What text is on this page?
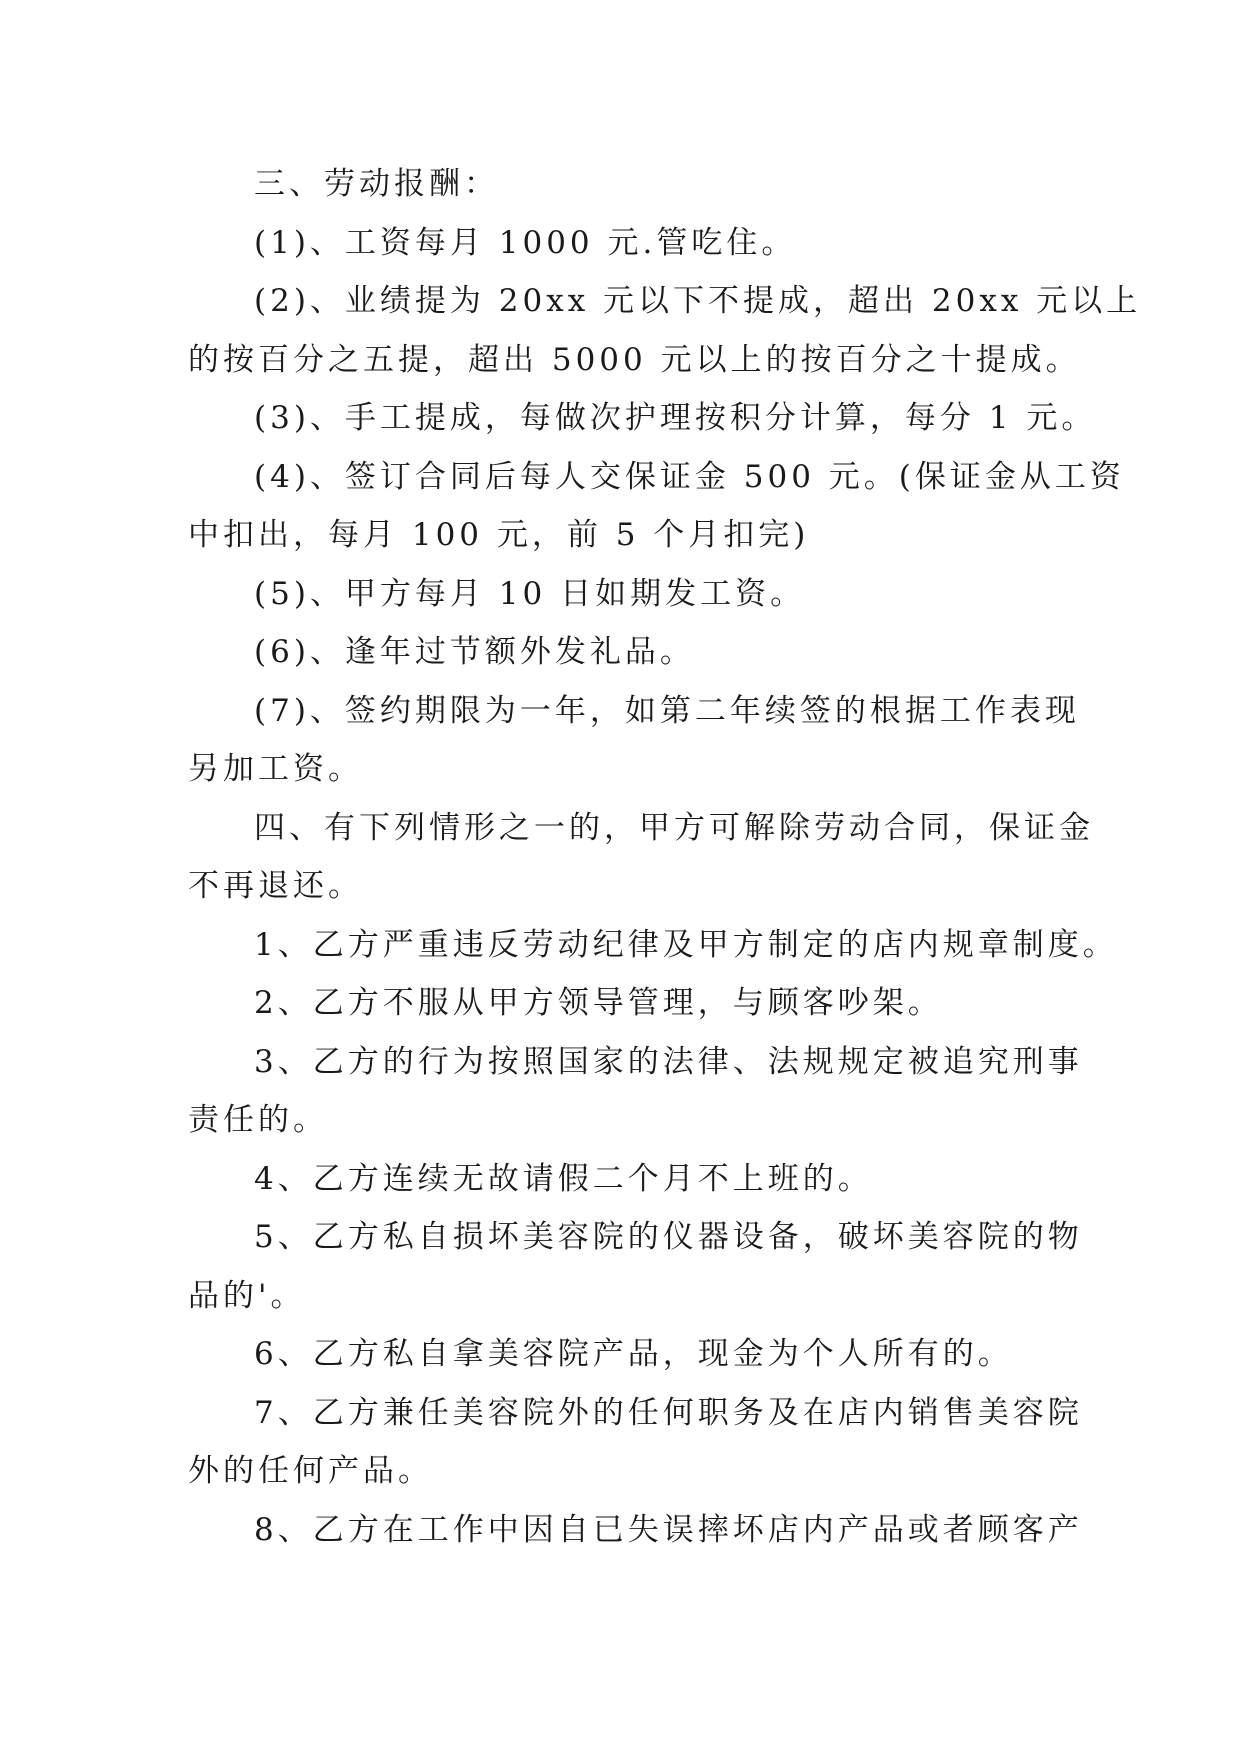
三、劳动报酬：
(1)、工资每月 1000 元.管吃住。
(2)、业绩提为 20xx 元以下不提成，超出 20xx 元以上
的按百分之五提，超出 5000 元以上的按百分之十提成。
(3)、手工提成，每做次护理按积分计算，每分 1 元。
(4)、签订合同后每人交保证金 500 元。(保证金从工资
中扣出，每月 100 元，前 5 个月扣完)
(5)、甲方每月 10 日如期发工资。
(6)、逢年过节额外发礼品。
(7)、签约期限为一年，如第二年续签的根据工作表现
另加工资。
四、有下列情形之一的，甲方可解除劳动合同，保证金
不再退还。
1、乙方严重违反劳动纪律及甲方制定的店内规章制度。
2、乙方不服从甲方领导管理，与顾客吵架。
3、乙方的行为按照国家的法律、法规规定被追究刑事
责任的。
4、乙方连续无故请假二个月不上班的。
5、乙方私自损坏美容院的仪器设备，破坏美容院的物
品的'。
6、乙方私自拿美容院产品，现金为个人所有的。
7、乙方兼任美容院外的任何职务及在店内销售美容院
外的任何产品。
8、乙方在工作中因自已失误摔坏店内产品或者顾客产
